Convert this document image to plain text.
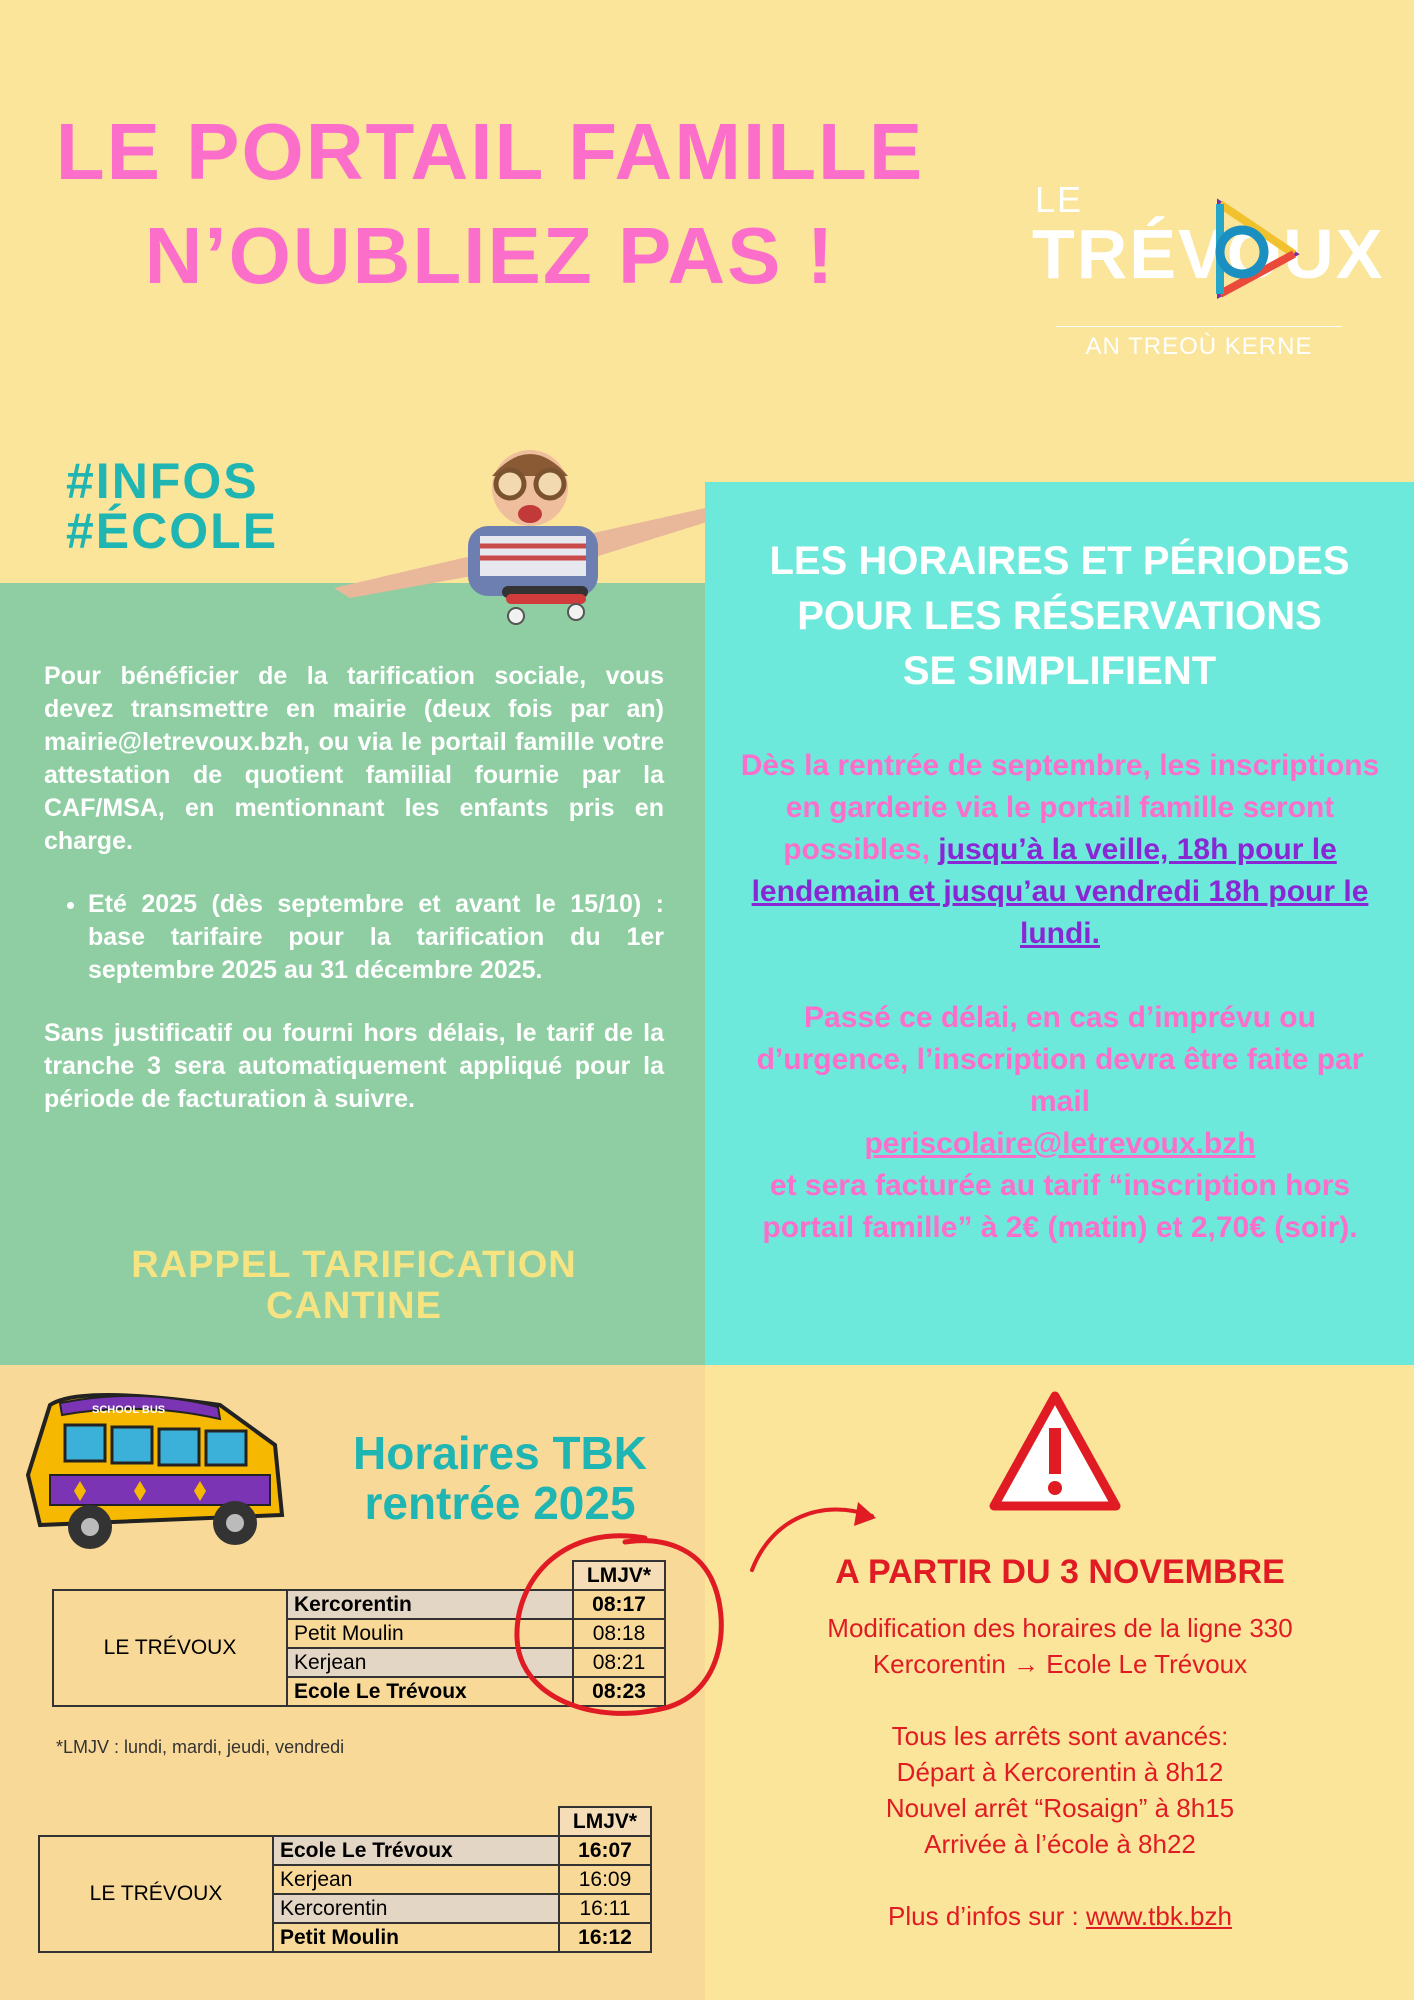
LE PORTAIL FAMILLE
N’OUBLIEZ PAS !
LE
TRÉVOUX
AN TREOÙ KERNE
#INFOS
#ÉCOLE

Pour bénéficier de la tarification sociale, vous devez transmettre en mairie (deux fois par an) mairie@letrevoux.bzh, ou via le portail famille votre attestation de quotient familial fournie par la CAF/MSA, en mentionnant les enfants pris en charge.

• Eté 2025 (dès septembre et avant le 15/10) : base tarifaire pour la tarification du 1er septembre 2025 au 31 décembre 2025.

Sans justificatif ou fourni hors délais, le tarif de la tranche 3 sera automatiquement appliqué pour la période de facturation à suivre.

RAPPEL TARIFICATION
CANTINE
LES HORAIRES ET PÉRIODES
POUR LES RÉSERVATIONS
SE SIMPLIFIENT

Dès la rentrée de septembre, les inscriptions en garderie via le portail famille seront possibles, jusqu’à la veille, 18h pour le lendemain et jusqu’au vendredi 18h pour le lundi.

Passé ce délai, en cas d’imprévu ou d’urgence, l’inscription devra être faite par mail
periscolaire@letrevoux.bzh
et sera facturée au tarif “inscription hors portail famille” à 2€ (matin) et 2,70€ (soir).

SCHOOL BUS
Horaires TBK
rentrée 2025
		LMJV*
LE TRÉVOUX	Kercorentin	08:17
	Petit Moulin	08:18
	Kerjean	08:21
	Ecole Le Trévoux	08:23
*LMJV : lundi, mardi, jeudi, vendredi
		LMJV*
LE TRÉVOUX	Ecole Le Trévoux	16:07
	Kerjean	16:09
	Kercorentin	16:11
	Petit Moulin	16:12
A PARTIR DU 3 NOVEMBRE

Modification des horaires de la ligne 330
Kercorentin → Ecole Le Trévoux

Tous les arrêts sont avancés:
Départ à Kercorentin à 8h12
Nouvel arrêt “Rosaign” à 8h15
Arrivée à l’école à 8h22

Plus d’infos sur : www.tbk.bzh
